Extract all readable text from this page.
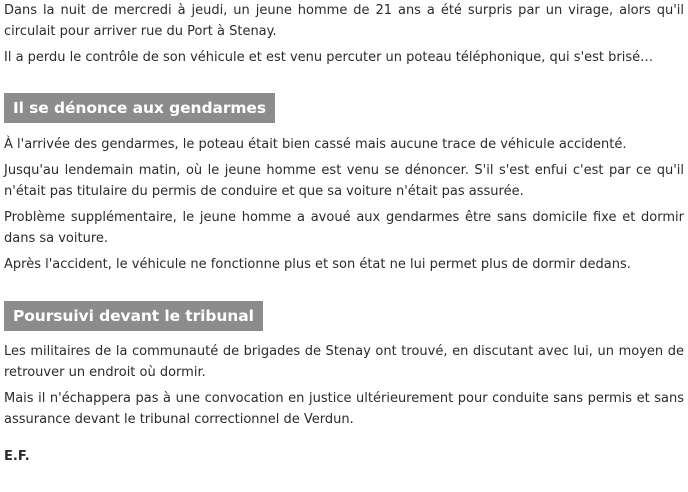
Dans la nuit de mercredi à jeudi, un jeune homme de 21 ans a été surpris par un virage, alors qu'il circulait pour arriver rue du Port à Stenay.

Il a perdu le contrôle de son véhicule et est venu percuter un poteau téléphonique, qui s'est brisé…

Il se dénonce aux gendarmes

À l'arrivée des gendarmes, le poteau était bien cassé mais aucune trace de véhicule accidenté.

Jusqu'au lendemain matin, où le jeune homme est venu se dénoncer. S'il s'est enfui c'est par ce qu'il n'était pas titulaire du permis de conduire et que sa voiture n'était pas assurée.

Problème supplémentaire, le jeune homme a avoué aux gendarmes être sans domicile fixe et dormir dans sa voiture.

Après l'accident, le véhicule ne fonctionne plus et son état ne lui permet plus de dormir dedans.

Poursuivi devant le tribunal

Les militaires de la communauté de brigades de Stenay ont trouvé, en discutant avec lui, un moyen de retrouver un endroit où dormir.

Mais il n'échappera pas à une convocation en justice ultérieurement pour conduite sans permis et sans assurance devant le tribunal correctionnel de Verdun.

E.F.
